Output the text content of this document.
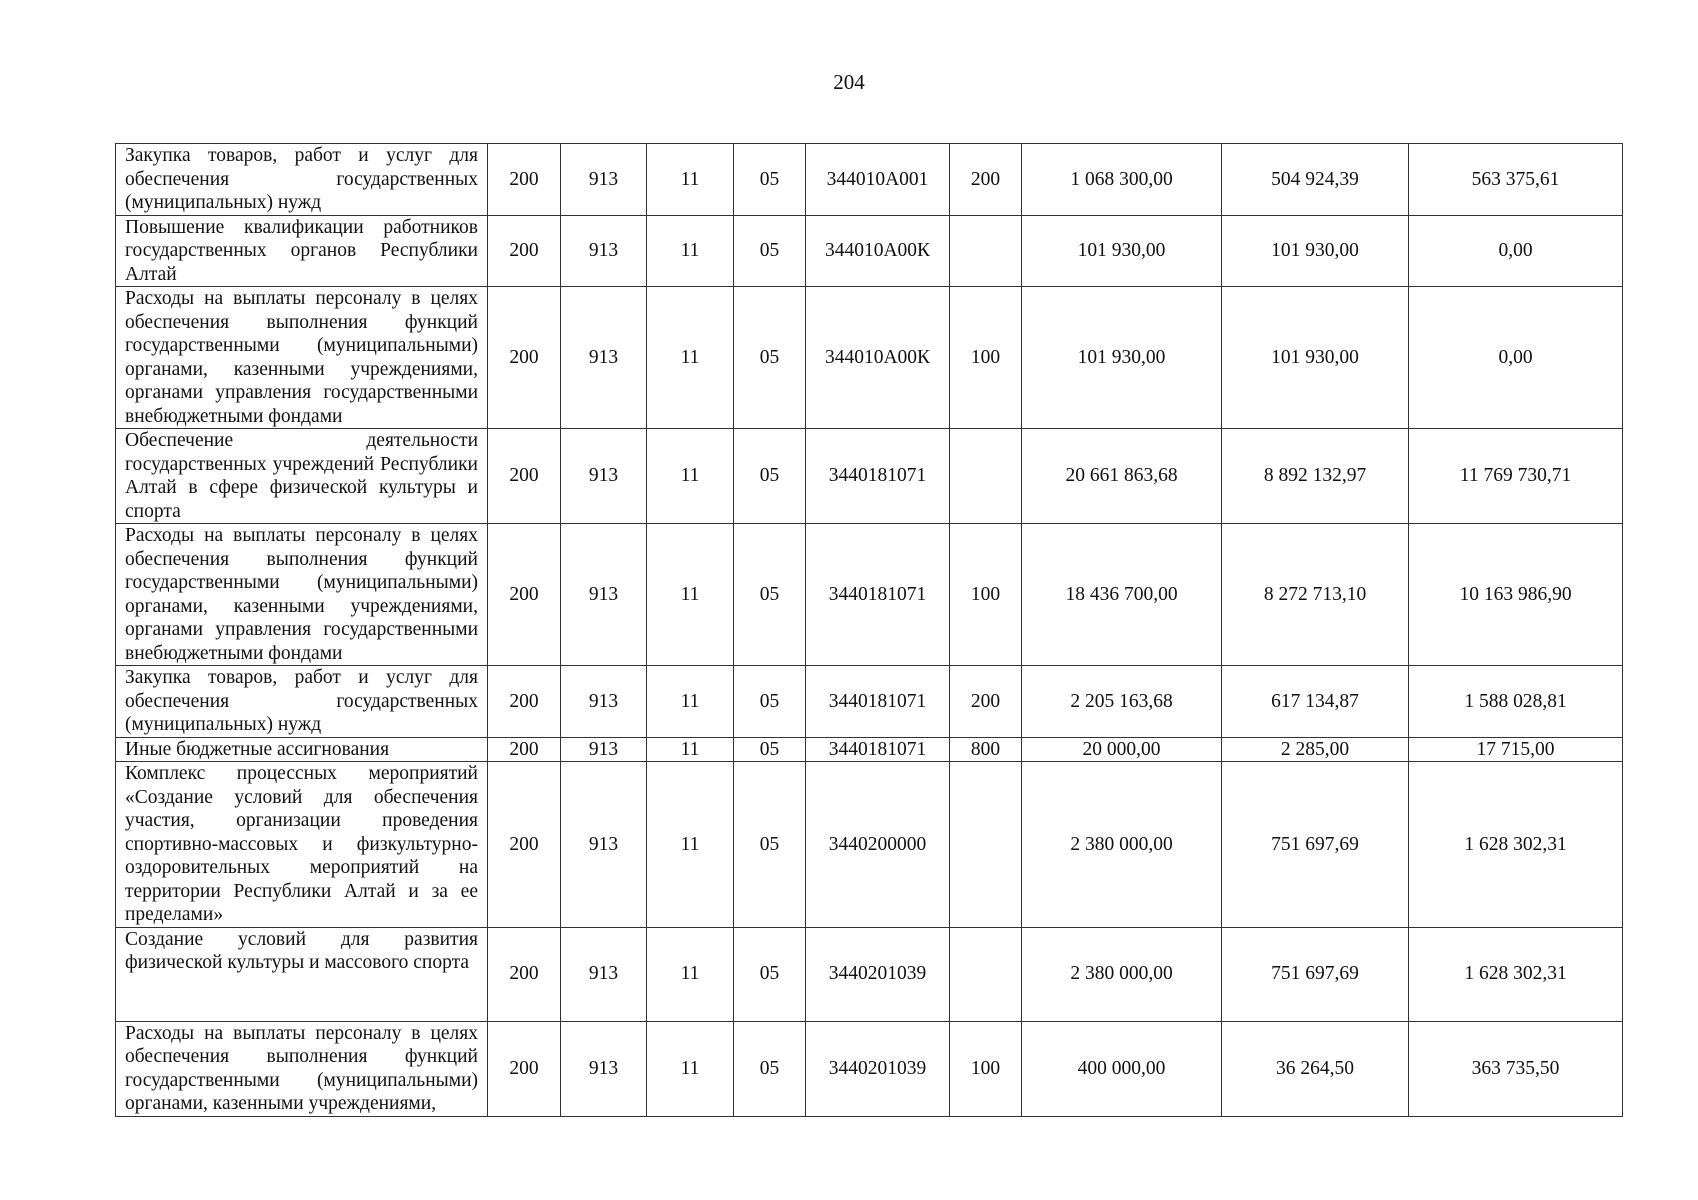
204
Закупка товаров, работ и услуг для обеспечения государственных (муниципальных) нужд	200	913	11	05	344010А001	200	1 068 300,00	504 924,39	563 375,61
Повышение квалификации работников государственных органов Республики Алтай	200	913	11	05	344010А00К		101 930,00	101 930,00	0,00
Расходы на выплаты персоналу в целях обеспечения выполнения функций государственными (муниципальными) органами, казенными учреждениями, органами управления государственными внебюджетными фондами	200	913	11	05	344010А00К	100	101 930,00	101 930,00	0,00
Обеспечение деятельности государственных учреждений Республики Алтай в сфере физической культуры и спорта	200	913	11	05	3440181071		20 661 863,68	8 892 132,97	11 769 730,71
Расходы на выплаты персоналу в целях обеспечения выполнения функций государственными (муниципальными) органами, казенными учреждениями, органами управления государственными внебюджетными фондами	200	913	11	05	3440181071	100	18 436 700,00	8 272 713,10	10 163 986,90
Закупка товаров, работ и услуг для обеспечения государственных (муниципальных) нужд	200	913	11	05	3440181071	200	2 205 163,68	617 134,87	1 588 028,81
Иные бюджетные ассигнования	200	913	11	05	3440181071	800	20 000,00	2 285,00	17 715,00
Комплекс процессных мероприятий «Создание условий для обеспечения участия, организации проведения спортивно-массовых и физкультурно-оздоровительных мероприятий на территории Республики Алтай и за ее пределами»	200	913	11	05	3440200000		2 380 000,00	751 697,69	1 628 302,31
Создание условий для развития физической культуры и массового спорта	200	913	11	05	3440201039		2 380 000,00	751 697,69	1 628 302,31
Расходы на выплаты персоналу в целях обеспечения выполнения функций государственными (муниципальными) органами, казенными учреждениями,	200	913	11	05	3440201039	100	400 000,00	36 264,50	363 735,50
